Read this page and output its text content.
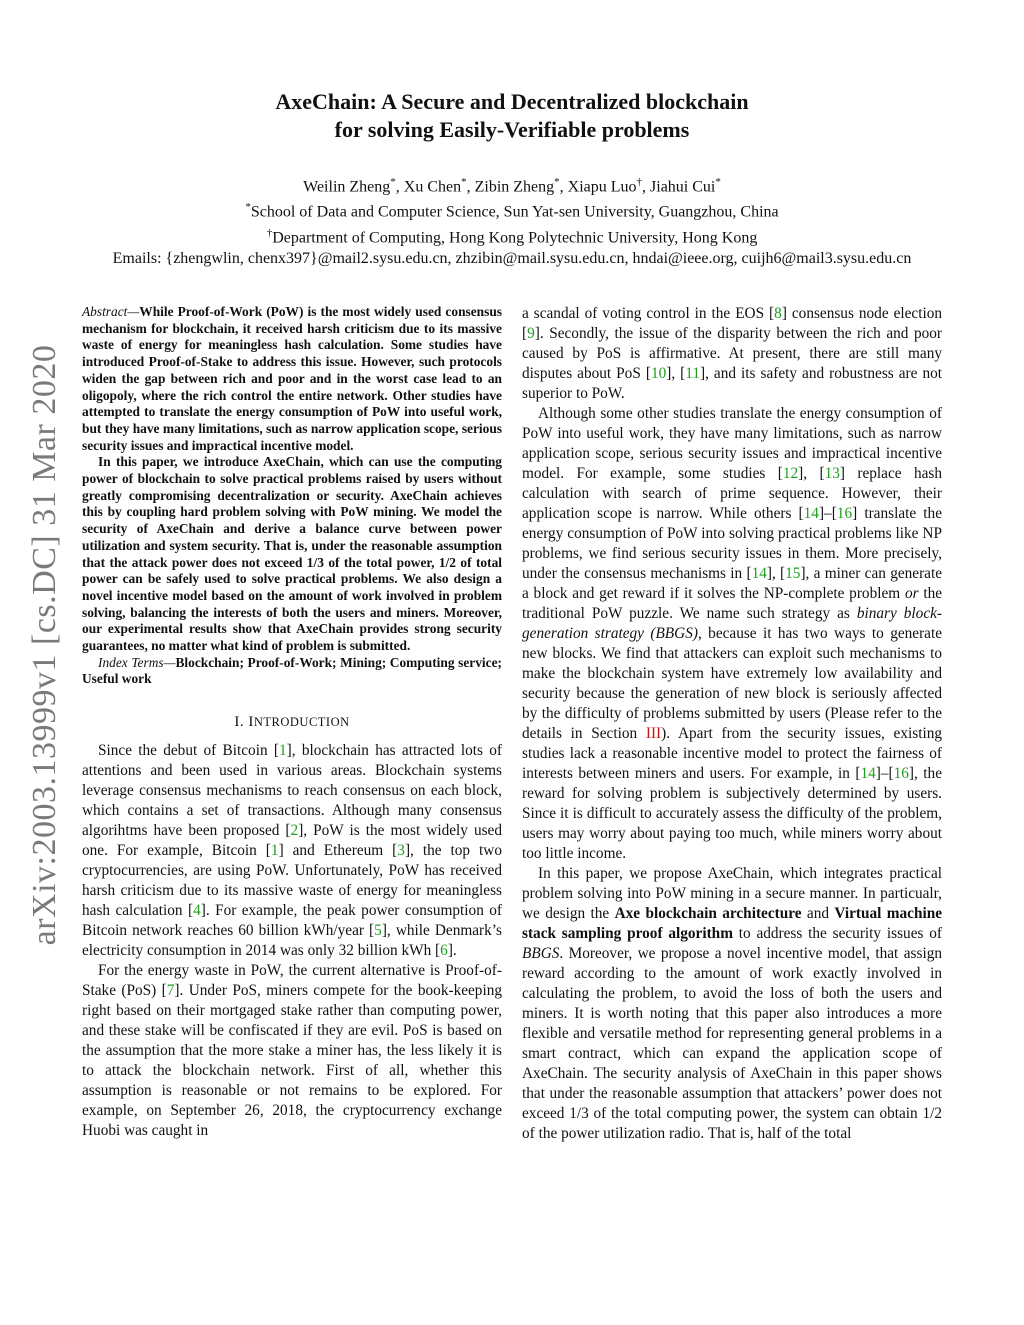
arXiv:2003.13999v1 [cs.DC] 31 Mar 2020
AxeChain: A Secure and Decentralized blockchain
for solving Easily-Verifiable problems
Weilin Zheng*, Xu Chen*, Zibin Zheng*, Xiapu Luo†, Jiahui Cui*
*School of Data and Computer Science, Sun Yat-sen University, Guangzhou, China
†Department of Computing, Hong Kong Polytechnic University, Hong Kong
Emails: {zhengwlin, chenx397}@mail2.sysu.edu.cn, zhzibin@mail.sysu.edu.cn, hndai@ieee.org, cuijh6@mail3.sysu.edu.cn

Abstract—While Proof-of-Work (PoW) is the most widely used consensus mechanism for blockchain, it received harsh criticism due to its massive waste of energy for meaningless hash calculation. Some studies have introduced Proof-of-Stake to address this issue. However, such protocols widen the gap between rich and poor and in the worst case lead to an oligopoly, where the rich control the entire network. Other studies have attempted to translate the energy consumption of PoW into useful work, but they have many limitations, such as narrow application scope, serious security issues and impractical incentive model.

In this paper, we introduce AxeChain, which can use the computing power of blockchain to solve practical problems raised by users without greatly compromising decentralization or security. AxeChain achieves this by coupling hard problem solving with PoW mining. We model the security of AxeChain and derive a balance curve between power utilization and system security. That is, under the reasonable assumption that the attack power does not exceed 1/3 of the total power, 1/2 of total power can be safely used to solve practical problems. We also design a novel incentive model based on the amount of work involved in problem solving, balancing the interests of both the users and miners. Moreover, our experimental results show that AxeChain provides strong security guarantees, no matter what kind of problem is submitted.

Index Terms—Blockchain; Proof-of-Work; Mining; Computing service; Useful work

I. INTRODUCTION

Since the debut of Bitcoin [1], blockchain has attracted lots of attentions and been used in various areas. Blockchain systems leverage consensus mechanisms to reach consensus on each block, which contains a set of transactions. Although many consensus algorihtms have been proposed [2], PoW is the most widely used one. For example, Bitcoin [1] and Ethereum [3], the top two cryptocurrencies, are using PoW. Unfortunately, PoW has received harsh criticism due to its massive waste of energy for meaningless hash calculation [4]. For example, the peak power consumption of Bitcoin network reaches 60 billion kWh/year [5], while Denmark’s electricity consumption in 2014 was only 32 billion kWh [6].

For the energy waste in PoW, the current alternative is Proof-of-Stake (PoS) [7]. Under PoS, miners compete for the book-keeping right based on their mortgaged stake rather than computing power, and these stake will be confiscated if they are evil. PoS is based on the assumption that the more stake a miner has, the less likely it is to attack the blockchain network. First of all, whether this assumption is reasonable or not remains to be explored. For example, on September 26, 2018, the cryptocurrency exchange Huobi was caught in

a scandal of voting control in the EOS [8] consensus node election [9]. Secondly, the issue of the disparity between the rich and poor caused by PoS is affirmative. At present, there are still many disputes about PoS [10], [11], and its safety and robustness are not superior to PoW.

Although some other studies translate the energy consumption of PoW into useful work, they have many limitations, such as narrow application scope, serious security issues and impractical incentive model. For example, some studies [12], [13] replace hash calculation with search of prime sequence. However, their application scope is narrow. While others [14]–[16] translate the energy consumption of PoW into solving practical problems like NP problems, we find serious security issues in them. More precisely, under the consensus mechanisms in [14], [15], a miner can generate a block and get reward if it solves the NP-complete problem or the traditional PoW puzzle. We name such strategy as binary block-generation strategy (BBGS), because it has two ways to generate new blocks. We find that attackers can exploit such mechanisms to make the blockchain system have extremely low availability and security because the generation of new block is seriously affected by the difficulty of problems submitted by users (Please refer to the details in Section III). Apart from the security issues, existing studies lack a reasonable incentive model to protect the fairness of interests between miners and users. For example, in [14]–[16], the reward for solving problem is subjectively determined by users. Since it is difficult to accurately assess the difficulty of the problem, users may worry about paying too much, while miners worry about too little income.

In this paper, we propose AxeChain, which integrates practical problem solving into PoW mining in a secure manner. In particualr, we design the Axe blockchain architecture and Virtual machine stack sampling proof algorithm to address the security issues of BBGS. Moreover, we propose a novel incentive model, that assign reward according to the amount of work exactly involved in calculating the problem, to avoid the loss of both the users and miners. It is worth noting that this paper also introduces a more flexible and versatile method for representing general problems in a smart contract, which can expand the application scope of AxeChain. The security analysis of AxeChain in this paper shows that under the reasonable assumption that attackers’ power does not exceed 1/3 of the total computing power, the system can obtain 1/2 of the power utilization radio. That is, half of the total
